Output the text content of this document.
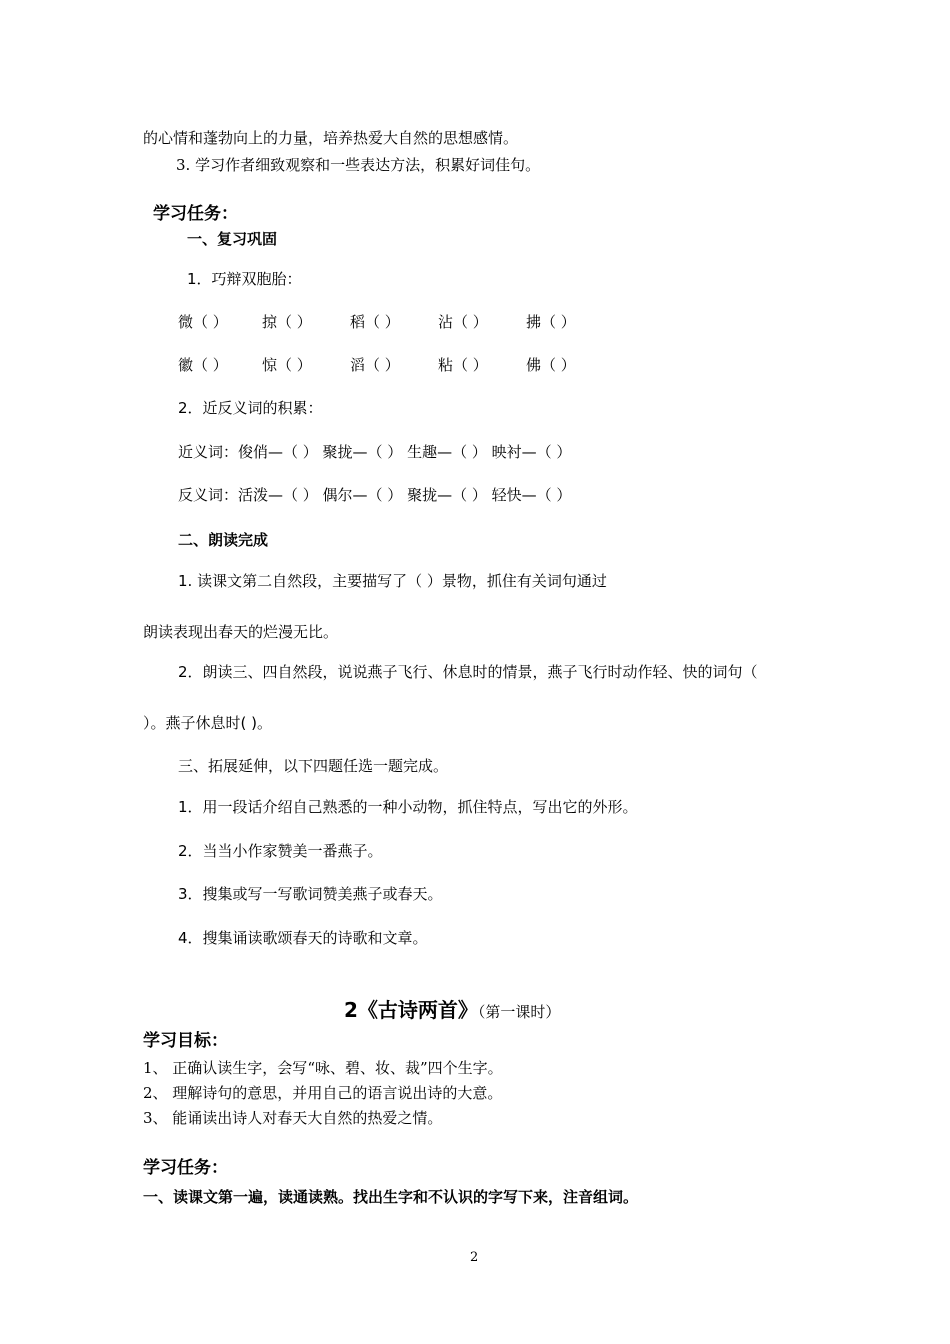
的心情和蓬勃向上的力量，培养热爱大自然的思想感情。
3. 学习作者细致观察和一些表达方法，积累好词佳句。
学习任务：
一、复习巩固
1．巧辩双胞胎：
微（ ） 掠（ ）	稻（ ）	沾（ ）	拂（ ）
徽（ ） 惊（ ）	滔（ ）	粘（ ）	佛（ ）
2．近反义词的积累：
近义词：俊俏—（ ） 聚拢—（ ） 生趣—（ ） 映衬—（ ）
反义词：活泼—（ ） 偶尔—（ ） 聚拢—（ ） 轻快—（ ）
二、朗读完成
1. 读课文第二自然段，主要描写了（ ）景物，抓住有关词句通过
朗读表现出春天的烂漫无比。
2．朗读三、四自然段，说说燕子飞行、休息时的情景，燕子飞行时动作轻、快的词句（
）。燕子休息时( )。
三、拓展延伸，以下四题任选一题完成。
1．用一段话介绍自己熟悉的一种小动物，抓住特点，写出它的外形。
2．当当小作家赞美一番燕子。
3．搜集或写一写歌词赞美燕子或春天。
4．搜集诵读歌颂春天的诗歌和文章。
2《古诗两首》（第一课时）
学习目标：
1、 正确认读生字，会写“咏、碧、妆、裁”四个生字。
2、 理解诗句的意思，并用自己的语言说出诗的大意。
3、 能诵读出诗人对春天大自然的热爱之情。
学习任务：
一、读课文第一遍，读通读熟。找出生字和不认识的字写下来，注音组词。
2
